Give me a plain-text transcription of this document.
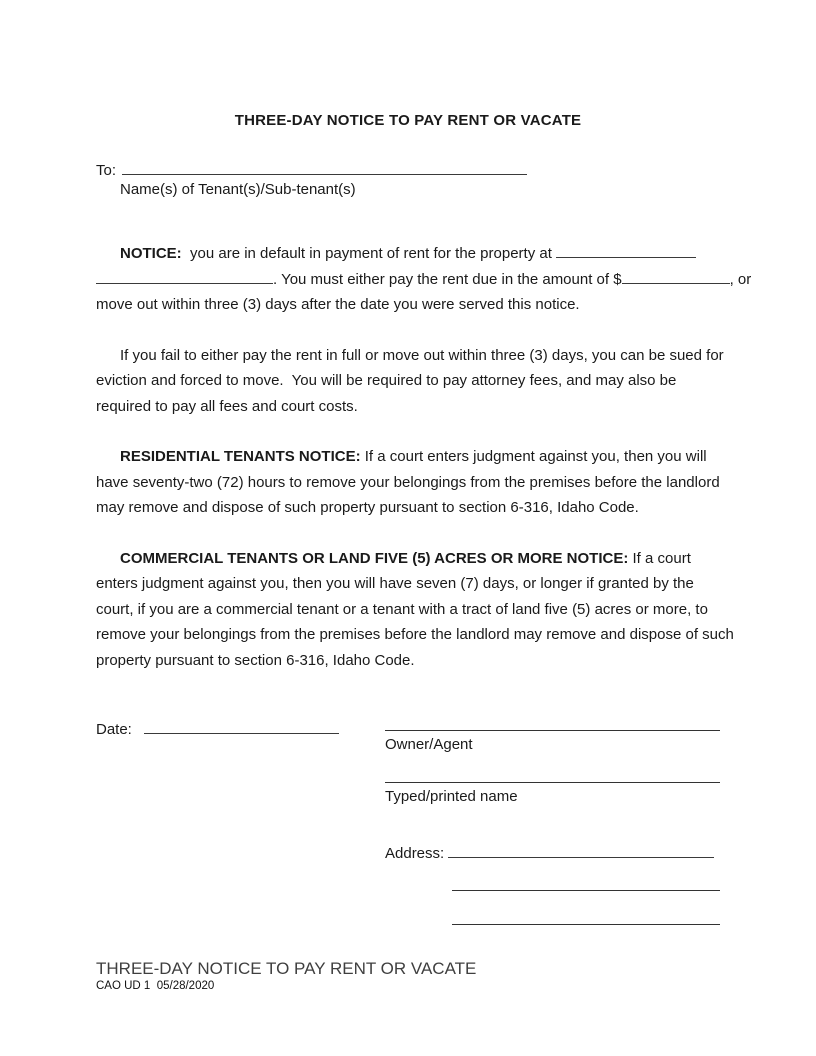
THREE-DAY NOTICE TO PAY RENT OR VACATE
To:
Name(s) of Tenant(s)/Sub-tenant(s)
NOTICE:  you are in default in payment of rent for the property at
. You must either pay the rent due in the amount of $	, or
move out within three (3) days after the date you were served this notice.
If you fail to either pay the rent in full or move out within three (3) days, you can be sued for
eviction and forced to move.  You will be required to pay attorney fees, and may also be
required to pay all fees and court costs.
RESIDENTIAL TENANTS NOTICE: If a court enters judgment against you, then you will
have seventy-two (72) hours to remove your belongings from the premises before the landlord
may remove and dispose of such property pursuant to section 6-316, Idaho Code.
COMMERCIAL TENANTS OR LAND FIVE (5) ACRES OR MORE NOTICE: If a court
enters judgment against you, then you will have seven (7) days, or longer if granted by the
court, if you are a commercial tenant or a tenant with a tract of land five (5) acres or more, to
remove your belongings from the premises before the landlord may remove and dispose of such
property pursuant to section 6-316, Idaho Code.
Date:
Owner/Agent
Typed/printed name
Address:
THREE-DAY NOTICE TO PAY RENT OR VACATE
CAO UD 1  05/28/2020
